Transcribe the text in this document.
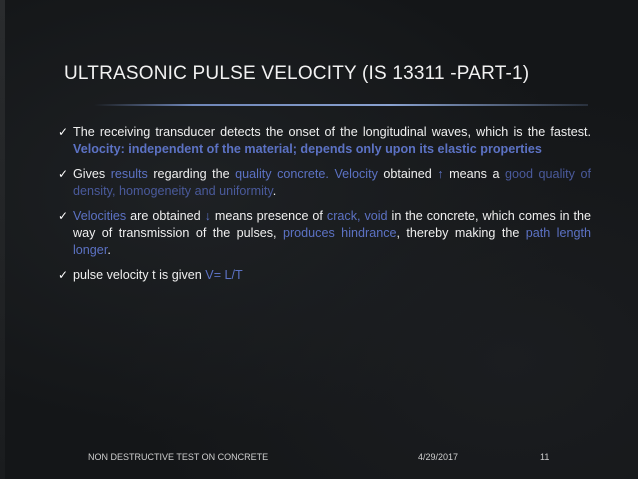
ULTRASONIC PULSE VELOCITY (IS 13311 -PART-1)
✓ The receiving transducer detects the onset of the longitudinal waves, which is the fastest. Velocity: independent of the material; depends only upon its elastic properties
✓ Gives results regarding the quality concrete. Velocity obtained ↑ means a good quality of density, homogeneity and uniformity.
✓ Velocities are obtained ↓ means presence of crack, void in the concrete, which comes in the way of transmission of the pulses, produces hindrance, thereby making the path length longer.
✓ pulse velocity t is given V= L/T
NON DESTRUCTIVE TEST ON CONCRETE	4/29/2017	11
